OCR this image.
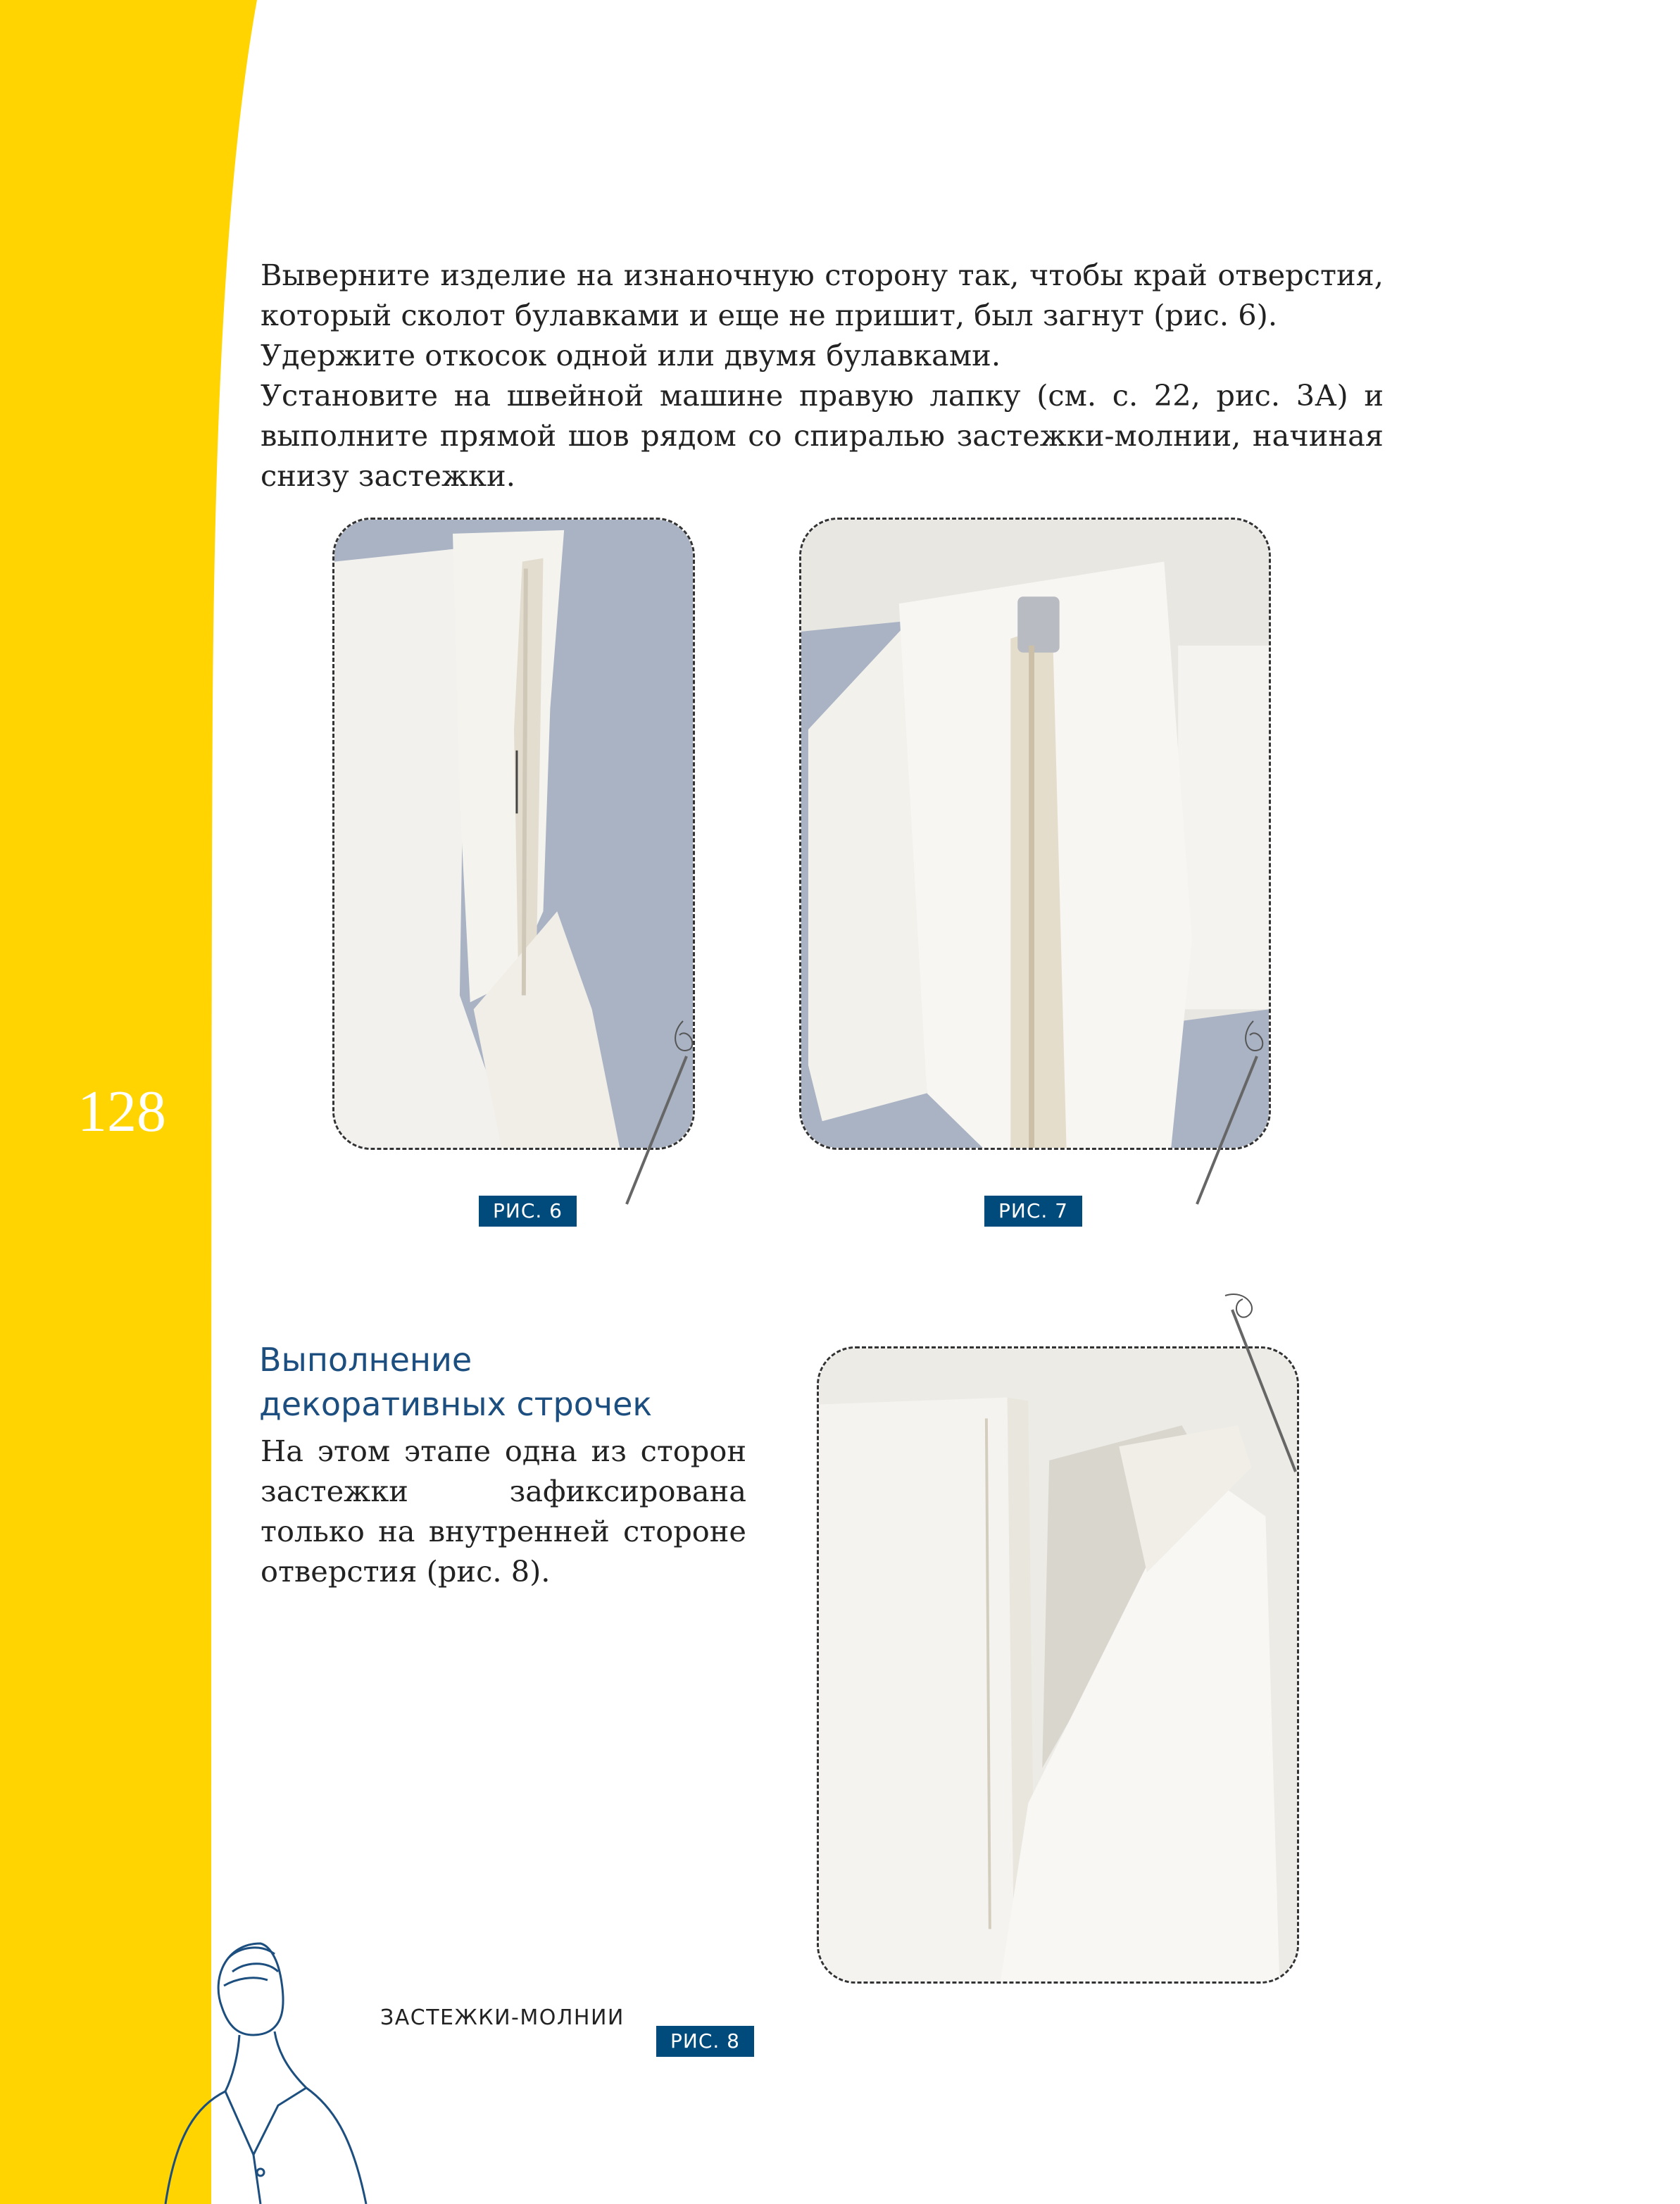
128

Выверните изделие на изнаночную сторону так, чтобы край отверстия, который сколот булавками и еще не пришит, был загнут (рис. 6).

Удержите откосок одной или двумя булавками.

Установите на швейной машине правую лапку (см. с. 22, рис. 3А) и выполните прямой шов рядом со спиралью застежки-молнии, начиная снизу застежки.

РИС. 6	РИС. 7
РИС. 8
Выполнение
декоративных строчек

На этом этапе одна из сторон застежки зафиксирована только на внутренней стороне отверстия (рис. 8).

ЗАСТЕЖКИ-МОЛНИИ
